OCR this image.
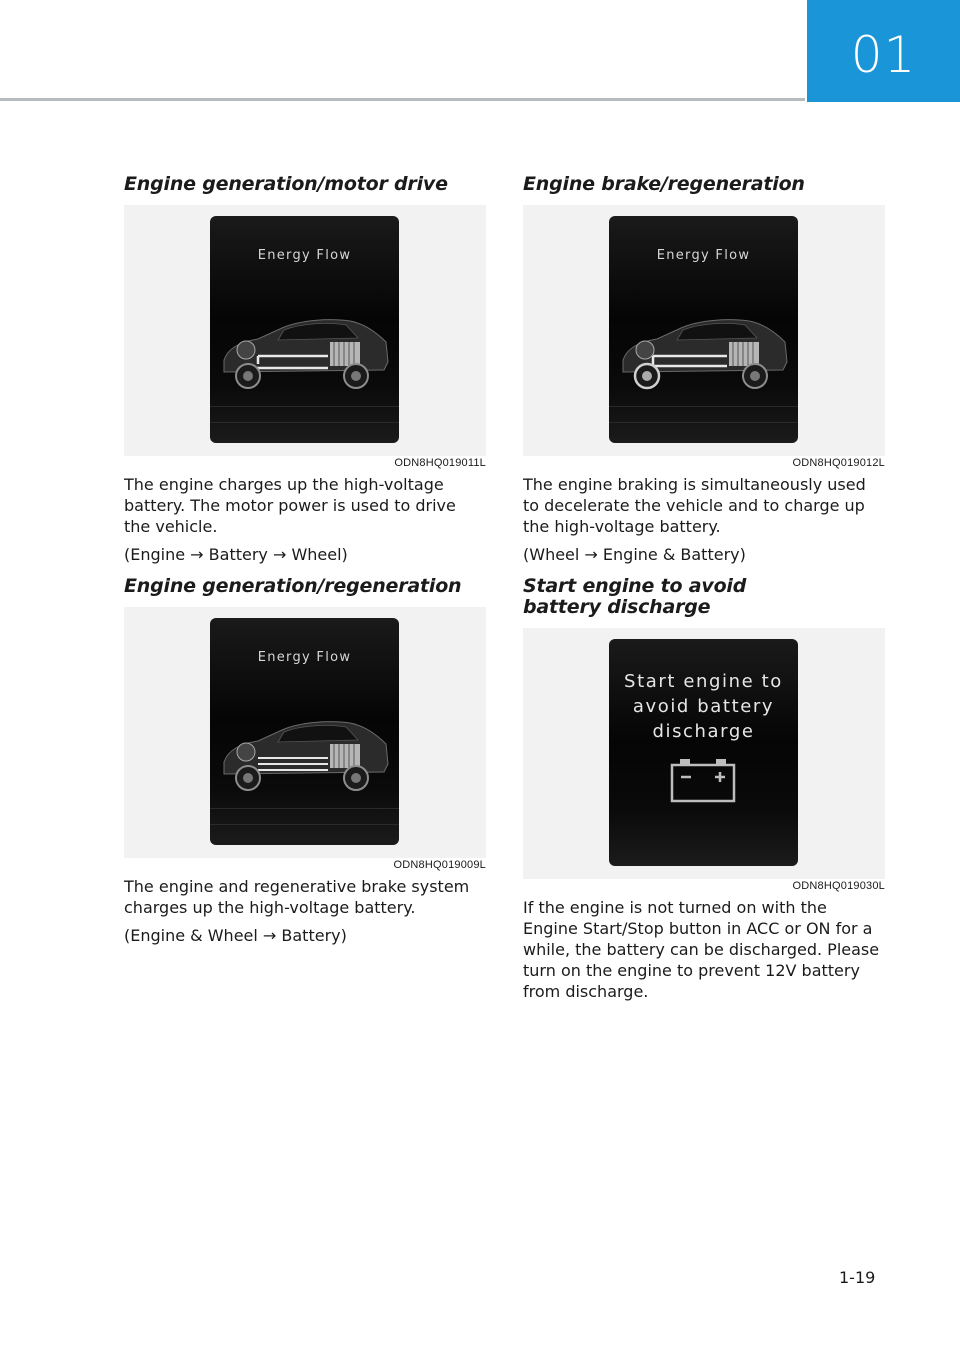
01
Engine generation/motor drive
Energy Flow
ODN8HQ019011L

The engine charges up the high-voltage battery. The motor power is used to drive the vehicle.

(Engine → Battery → Wheel)

Engine generation/regeneration
Energy Flow
ODN8HQ019009L

The engine and regenerative brake system charges up the high-voltage battery.

(Engine & Wheel → Battery)

Engine brake/regeneration
Energy Flow
ODN8HQ019012L

The engine braking is simultaneously used to decelerate the vehicle and to charge up the high-voltage battery.

(Wheel → Engine & Battery)

Start engine to avoid battery discharge
Start engine to avoid battery discharge
ODN8HQ019030L

If the engine is not turned on with the Engine Start/Stop button in ACC or ON for a while, the battery can be discharged. Please turn on the engine to prevent 12V battery from discharge.

1-19
